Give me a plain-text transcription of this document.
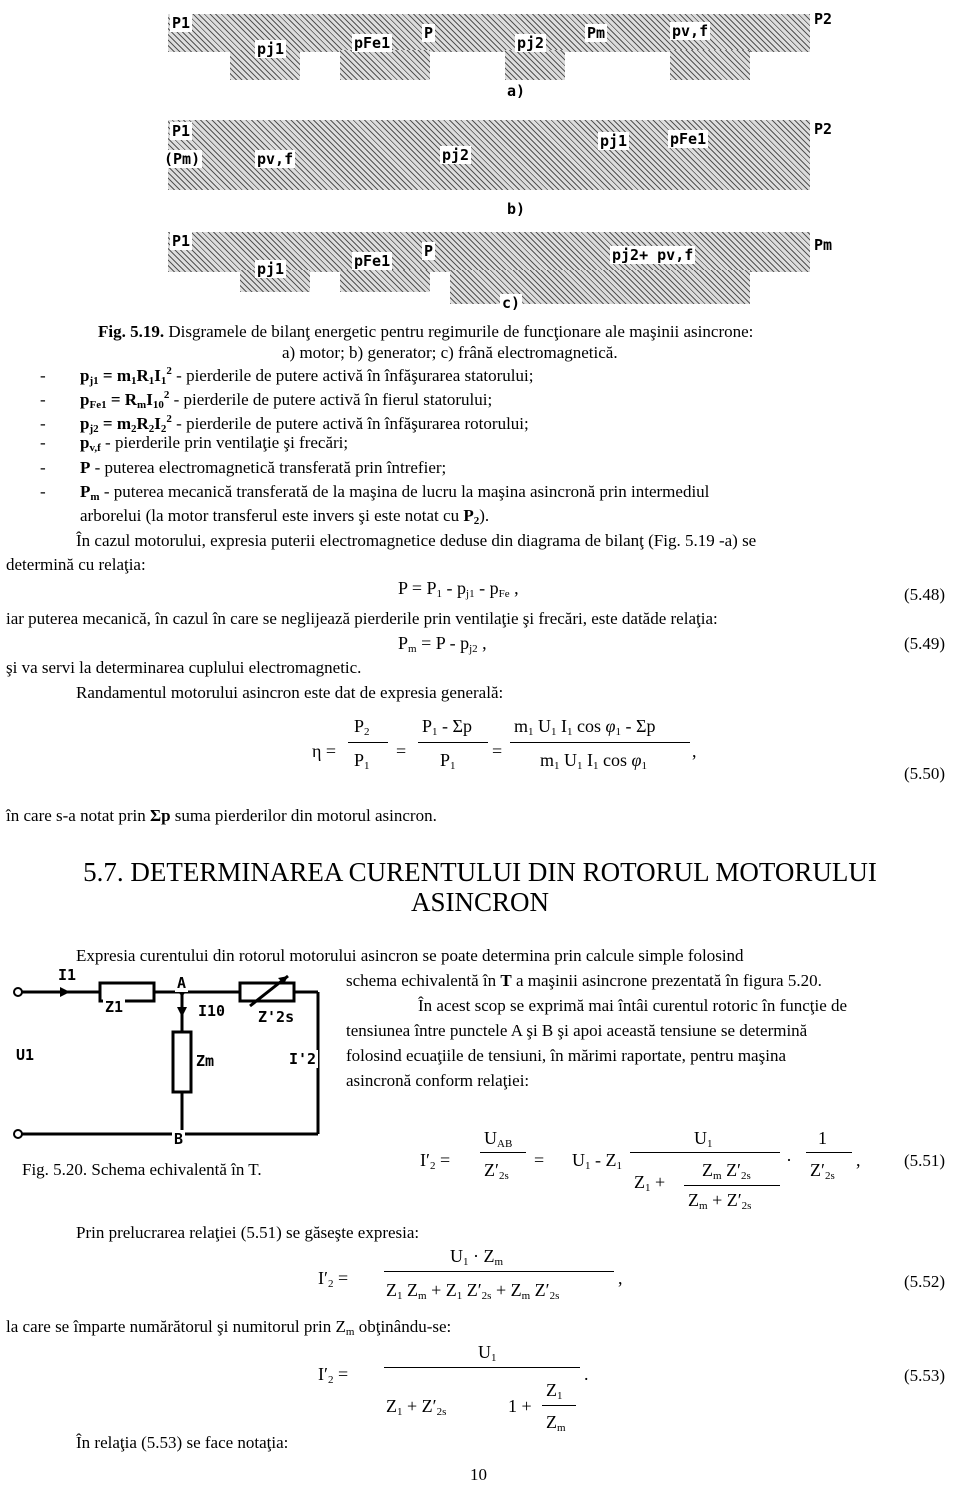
P1
pj1	pFe1
P
pj2
Pm	pv,f
P2
a)
P1
(Pm)	pv,f	pj2
pj1	pFe1
P2
b)
P1
pj1	pFe1
P	pj2+ pv,f
Pm
c)
Fig. 5.19. Disgramele de bilanţ energetic pentru regimurile de funcţionare ale maşinii asincrone:
a) motor; b) generator; c) frână electromagnetică.
- $p_{j1} = m_1R_1I_1^2$ - pierderile de putere activă în înfăşurarea statorului;
- $p_{Fe1} = R_mI_{10}^2$ - pierderile de putere activă în fierul statorului;
- $p_{j2} = m_2R_2I_2^2$ - pierderile de putere activă în înfăşurarea rotorului;
- $p_{v,f}$ - pierderile prin ventilaţie şi frecări;
- P - puterea electromagnetică transferată prin întrefier;
- $P_m$ - puterea mecanică transferată de la maşina de lucru la maşina asincronă prin intermediul
arborelui (la motor transferul este invers şi este notat cu $P_2$).
În cazul motorului, expresia puterii electromagnetice deduse din diagrama de bilanţ (Fig. 5.19 -a) se
determină cu relaţia:
$P = P_1 - p_{j1} - p_{Fe}$ ,	(5.48)
iar puterea mecanică, în cazul în care se neglijează pierderile prin ventilaţie şi frecări, este datăde relaţia:
$P_m = P - p_{j2}$ ,	(5.49)
şi va servi la determinarea cuplului electromagnetic.
Randamentul motorului asincron este dat de expresia generală:
η =
$P_2$
$P_1$
=
$P_1$ - Σp
$P_1$
=
$m_1$ $U_1$ $I_1$ $\cos \varphi_1$ - Σp
$m_1$ $U_1$ $I_1$ $\cos \varphi_1$
,
(5.50)
în care s-a notat prin Σp suma pierderilor din motorul asincron.
5.7. DETERMINAREA CURENTULUI DIN ROTORUL MOTORULUI
ASINCRON
Expresia curentului din rotorul motorului asincron se poate determina prin calcule simple folosind
schema echivalentă în T a maşinii asincrone prezentată în figura 5.20.
În acest scop se exprimă mai întâi curentul rotoric în funcţie de
tensiunea între punctele A şi B şi apoi această tensiune se determină
folosind ecuaţiile de tensiuni, în mărimi raportate, pentru maşina
asincronă conform relaţiei:
I1	A
Z1	I10 Z'2s
U1	Zm	I'2
B
Fig. 5.20. Schema echivalentă în T.	$I'_2$ =
$U_{AB}$
$Z'_{2s}$
= $U_1 - Z_1$
$U_1$
$Z_1$ +
$Z_m$ $Z'_{2s}$
$Z_m + Z'_{2s}$
·
1
$Z'_{2s}$
,	(5.51)
Prin prelucrarea relaţiei (5.51) se găseşte expresia:
$I'_2$ =
$U_1 \cdot Z_m$
$Z_1$ $Z_m + Z_1$ $Z'_{2s} + Z_m$ $Z'_{2s}$
,	(5.52)
la care se împarte numărătorul şi numitorul prin $Z_m$ obţinându-se:
$I'_2$ =
$U_1$
$Z_1 + Z'_{2s}$	1 +
$Z_1$
$Z_m$
.	(5.53)
În relaţia (5.53) se face notaţia:
10
